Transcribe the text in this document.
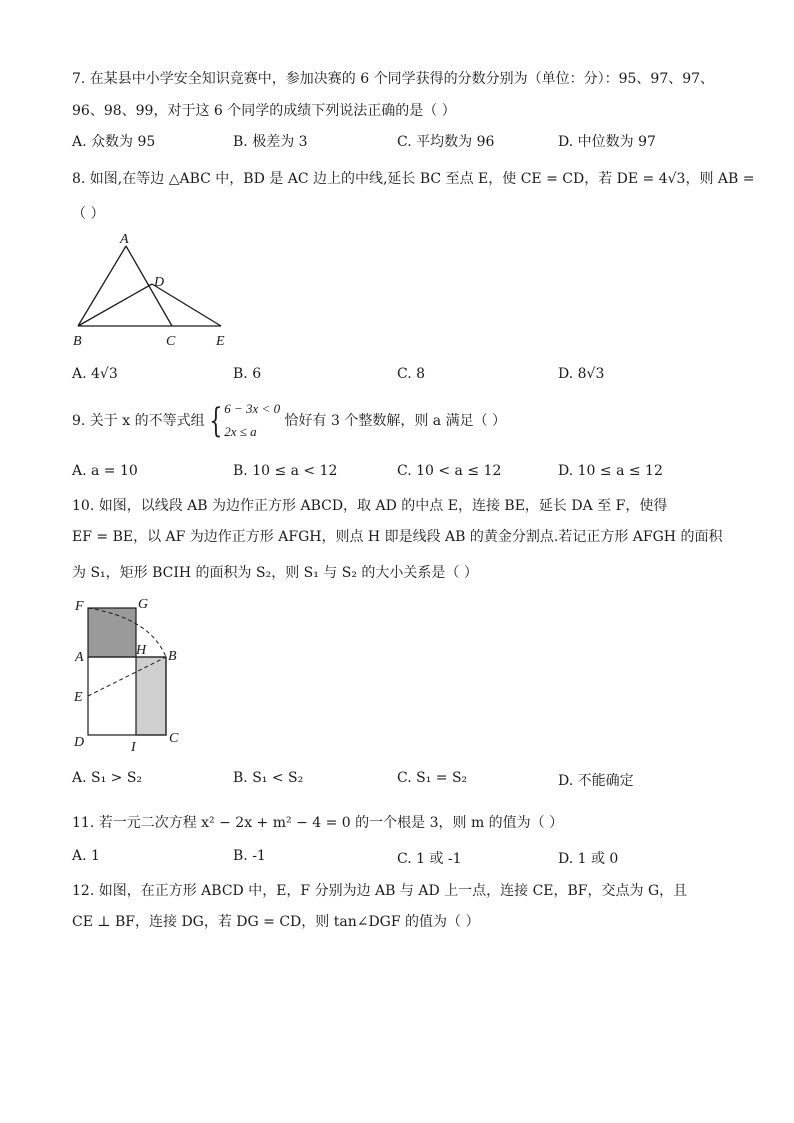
7. 在某县中小学安全知识竞赛中，参加决赛的 6 个同学获得的分数分别为（单位：分）：95、97、97、
96、98、99，对于这 6 个同学的成绩下列说法正确的是（ ）
A. 众数为 95	B. 极差为 3	C. 平均数为 96	D. 中位数为 97
8. 如图,在等边 △ABC 中，BD 是 AC 边上的中线,延长 BC 至点 E，使 CE = CD，若 DE = 4√3，则 AB =
（ ）
A
D
B	C	E
A. 4√3	B. 6	C. 8	D. 8√3
9. 关于 x 的不等式组 { 6 − 3x < 0
2x ≤ a 恰好有 3 个整数解，则 a 满足（ ）
A. a = 10	B. 10 ≤ a < 12	C. 10 < a ≤ 12	D. 10 ≤ a ≤ 12
10. 如图，以线段 AB 为边作正方形 ABCD，取 AD 的中点 E，连接 BE，延长 DA 至 F，使得
EF = BE，以 AF 为边作正方形 AFGH，则点 H 即是线段 AB 的黄金分割点.若记正方形 AFGH 的面积
为 S₁，矩形 BCIH 的面积为 S₂，则 S₁ 与 S₂ 的大小关系是（ ）
F	G
A	H B
E
D	I
C
A. S₁ > S₂	B. S₁ < S₂	C. S₁ = S₂	D. 不能确定
11. 若一元二次方程 x² − 2x + m² − 4 = 0 的一个根是 3，则 m 的值为（ ）
A. 1	B. -1	C. 1 或 -1	D. 1 或 0
12. 如图，在正方形 ABCD 中，E，F 分别为边 AB 与 AD 上一点，连接 CE，BF，交点为 G，且
CE ⊥ BF，连接 DG，若 DG = CD，则 tan∠DGF 的值为（ ）
